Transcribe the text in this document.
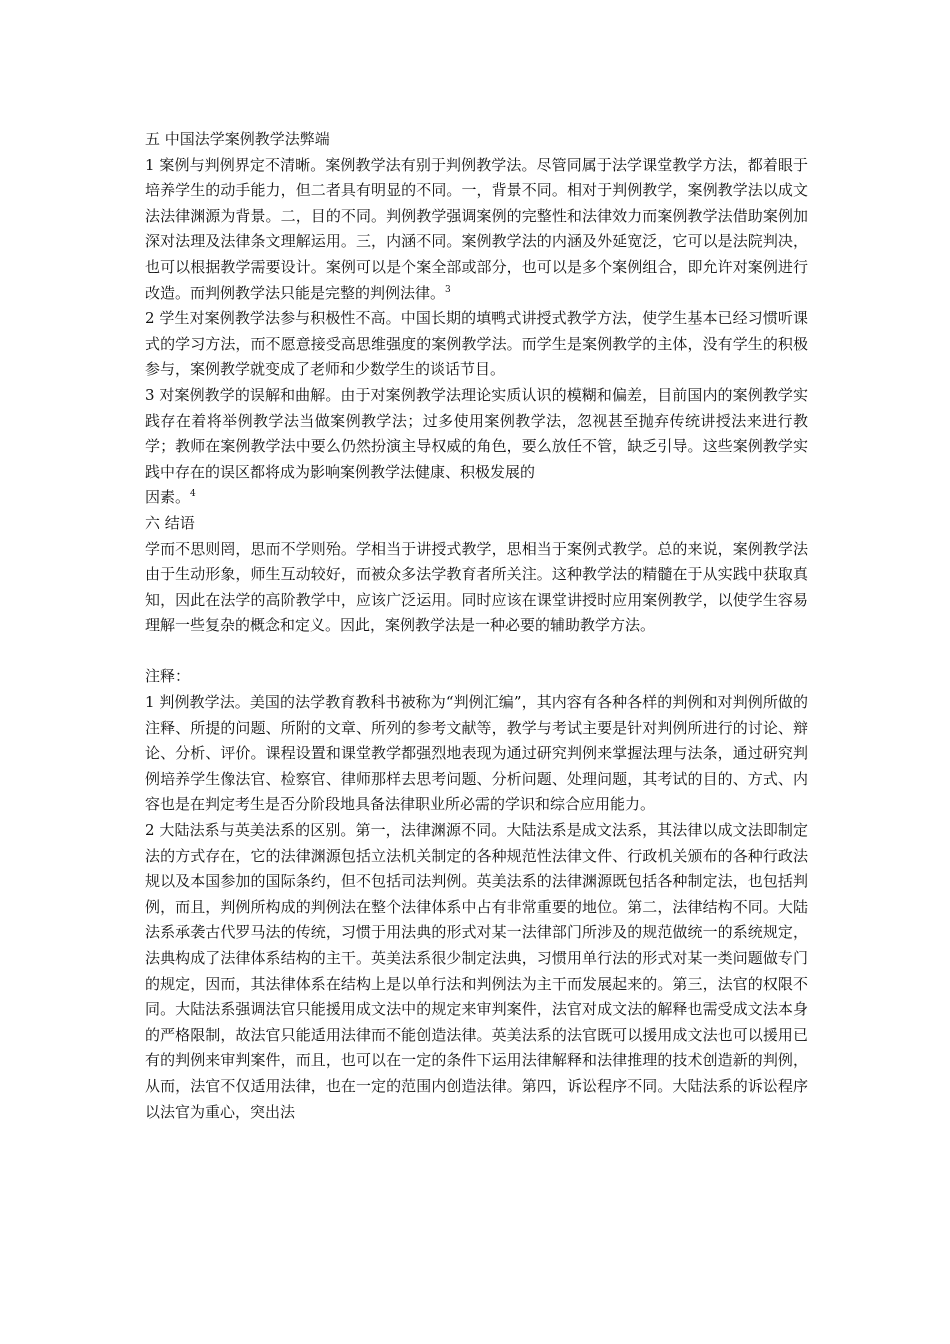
五 中国法学案例教学法弊端

1 案例与判例界定不清晰。案例教学法有别于判例教学法。尽管同属于法学课堂教学方法，都着眼于培养学生的动手能力，但二者具有明显的不同。一，背景不同。相对于判例教学，案例教学法以成文法法律渊源为背景。二，目的不同。判例教学强调案例的完整性和法律效力而案例教学法借助案例加深对法理及法律条文理解运用。三，内涵不同。案例教学法的内涵及外延宽泛，它可以是法院判决，也可以根据教学需要设计。案例可以是个案全部或部分，也可以是多个案例组合，即允许对案例进行改造。而判例教学法只能是完整的判例法律。$^3$

2 学生对案例教学法参与积极性不高。中国长期的填鸭式讲授式教学方法，使学生基本已经习惯听课式的学习方法，而不愿意接受高思维强度的案例教学法。而学生是案例教学的主体，没有学生的积极参与，案例教学就变成了老师和少数学生的谈话节目。

3 对案例教学的误解和曲解。由于对案例教学法理论实质认识的模糊和偏差，目前国内的案例教学实践存在着将举例教学法当做案例教学法；过多使用案例教学法，忽视甚至抛弃传统讲授法来进行教学；教师在案例教学法中要么仍然扮演主导权威的角色，要么放任不管，缺乏引导。这些案例教学实践中存在的误区都将成为影响案例教学法健康、积极发展的

因素。$^4$

六 结语

学而不思则罔，思而不学则殆。学相当于讲授式教学，思相当于案例式教学。总的来说，案例教学法由于生动形象，师生互动较好，而被众多法学教育者所关注。这种教学法的精髓在于从实践中获取真知，因此在法学的高阶教学中，应该广泛运用。同时应该在课堂讲授时应用案例教学，以使学生容易理解一些复杂的概念和定义。因此，案例教学法是一种必要的辅助教学方法。

注释：

1 判例教学法。美国的法学教育教科书被称为“判例汇编”，其内容有各种各样的判例和对判例所做的注释、所提的问题、所附的文章、所列的参考文献等，教学与考试主要是针对判例所进行的讨论、辩论、分析、评价。课程设置和课堂教学都强烈地表现为通过研究判例来掌握法理与法条，通过研究判例培养学生像法官、检察官、律师那样去思考问题、分析问题、处理问题，其考试的目的、方式、内容也是在判定考生是否分阶段地具备法律职业所必需的学识和综合应用能力。

2 大陆法系与英美法系的区别。第一，法律渊源不同。大陆法系是成文法系，其法律以成文法即制定法的方式存在，它的法律渊源包括立法机关制定的各种规范性法律文件、行政机关颁布的各种行政法规以及本国参加的国际条约，但不包括司法判例。英美法系的法律渊源既包括各种制定法，也包括判例，而且，判例所构成的判例法在整个法律体系中占有非常重要的地位。第二，法律结构不同。大陆法系承袭古代罗马法的传统，习惯于用法典的形式对某一法律部门所涉及的规范做统一的系统规定，法典构成了法律体系结构的主干。英美法系很少制定法典，习惯用单行法的形式对某一类问题做专门的规定，因而，其法律体系在结构上是以单行法和判例法为主干而发展起来的。第三，法官的权限不同。大陆法系强调法官只能援用成文法中的规定来审判案件，法官对成文法的解释也需受成文法本身的严格限制，故法官只能适用法律而不能创造法律。英美法系的法官既可以援用成文法也可以援用已有的判例来审判案件，而且，也可以在一定的条件下运用法律解释和法律推理的技术创造新的判例，从而，法官不仅适用法律，也在一定的范围内创造法律。第四，诉讼程序不同。大陆法系的诉讼程序以法官为重心，突出法
